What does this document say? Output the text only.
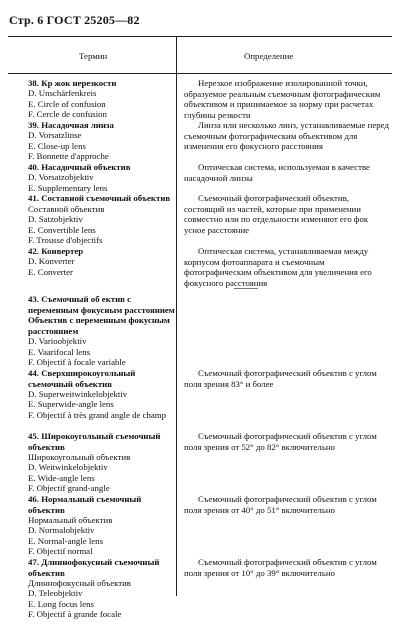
Стр. 6 ГОСТ 25205—82
Термин	Определение
38. Кр жок нерезкости
D. Unschärfenkreis
E. Circle of confusion
F. Cercle de confusion
39. Насадочная линза
D. Vorsatzlinse
E. Close-up lens
F. Bonnette d'approche
40. Насадочный объектив
D. Vorsatzobjektiv
E. Supplementary lens
41. Составной съемочный объектив
Составной объектив
D. Satzobjektiv
E. Convertible lens
F. Trousse d'objectifs
42. Конвертер
D. Konverter
E. Converter
43. Съемочный об ектив с переменным фокусным расстоянием
Объектив с переменным фокусным расстоянием
D. Varioobjektiv
E. Vaarifocal lens
F. Objectif à focale variable
44. Сверхширокоугольный съемочный объектив
D. Superweitwinkelobjektiv
E. Superwide-angle lens
F. Objectif à très grand angle de champ
45. Широкоугольный съемочный объектив
Широкоугольный объектив
D. Weitwinkelobjektiv
E. Wide-angle lens
F. Objectif grand-angle
46. Нормальный съемочный объектив
Нормальный объектив
D. Normalobjektiv
E. Normal-angle lens
F. Objectif normal
47. Длиннофокусный съемочный объектив
Длиннофокусный объектив
D. Teleobjektiv
E. Long focus lens
F. Objectif à grande focale
Нерезкое изображение изолированной точки, образуемое реальным съемочным фотографическим объективом и принимаемое за норму при расчетах глубины резкости
Линза или несколько линз, устанавливаемые перед съемочным фотографическим объективом для изменения его фокусного расстояния
Оптическая система, используемая в качестве насадочной линзы
Съемочный фотографический объектив, состоящий из частей, которые при применении совместно или по отдельности изменяют его фок усное расстояние
Оптическая система, устанавливаемая между корпусом фотоаппарата и съемочным фотографическим объективом для увеличения его фокусного расстояния
Съемочный фотографический объектив с углом поля зрения 83° и более
Съемочный фотографический объектив с углом поля зрения от 52° до 82° включительно
Съемочный фотографический объектив с углом поля зрения от 40° до 51° включительно
Съемочный фотографический объектив с углом поля зрения от 10° до 39° включительно
